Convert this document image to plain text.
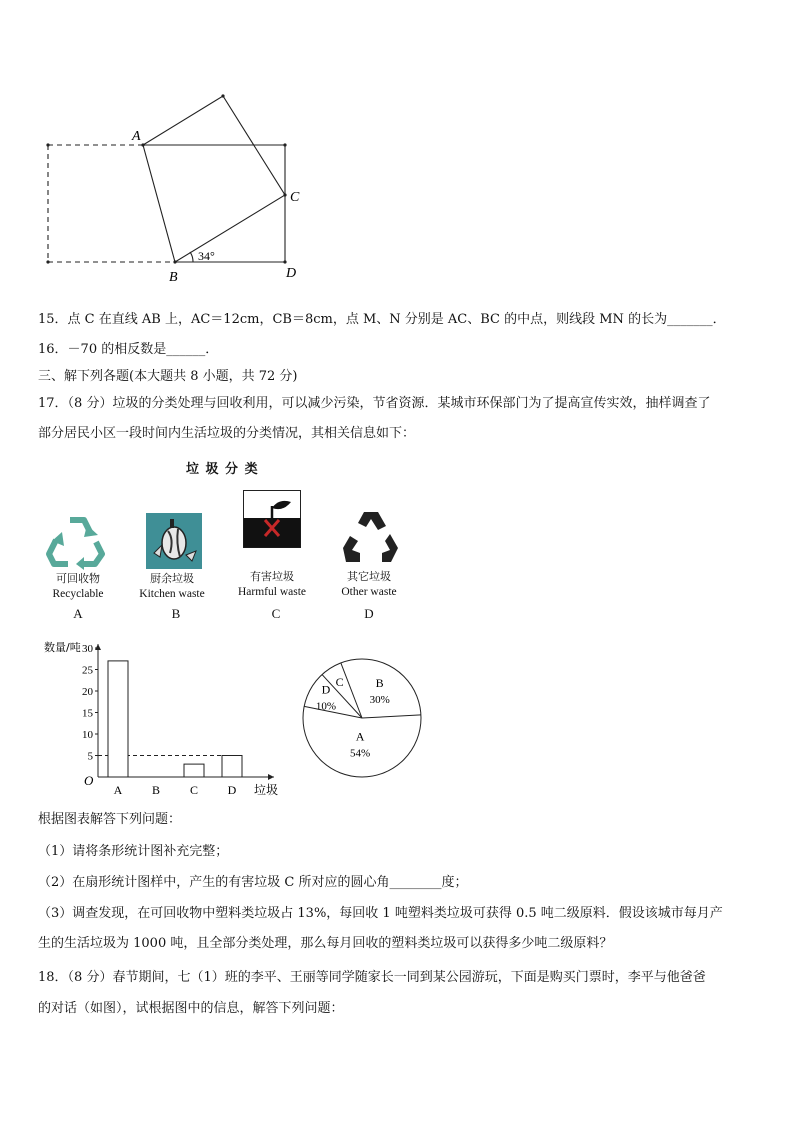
A
C
B	D
34°
15．点 C 在直线 AB 上，AC＝12cm，CB＝8cm，点 M、N 分别是 AC、BC 的中点，则线段 MN 的长为_______．
16．－70 的相反数是______．
三、解下列各题(本大题共 8 小题，共 72 分)
17．（8 分）垃圾的分类处理与回收利用，可以减少污染，节省资源．某城市环保部门为了提高宣传实效，抽样调查了
部分居民小区一段时间内生活垃圾的分类情况，其相关信息如下：
垃 圾 分 类
可回收物
Recyclable
厨余垃圾
Kitchen waste
有害垃圾
Harmful waste
其它垃圾
Other waste
A	B	C	D
数量/吨
垃圾
O
5
10
15
20
25
30
A B C D
A
54%
D
10%
C	B
30%
根据图表解答下列问题：
（1）请将条形统计图补充完整；
（2）在扇形统计图样中，产生的有害垃圾 C 所对应的圆心角________度；
（3）调查发现，在可回收物中塑料类垃圾占 13%，每回收 1 吨塑料类垃圾可获得 0.5 吨二级原料．假设该城市每月产
生的生活垃圾为 1000 吨，且全部分类处理，那么每月回收的塑料类垃圾可以获得多少吨二级原料？
18．（8 分）春节期间，七（1）班的李平、王丽等同学随家长一同到某公园游玩，下面是购买门票时，李平与他爸爸
的对话（如图），试根据图中的信息，解答下列问题：
